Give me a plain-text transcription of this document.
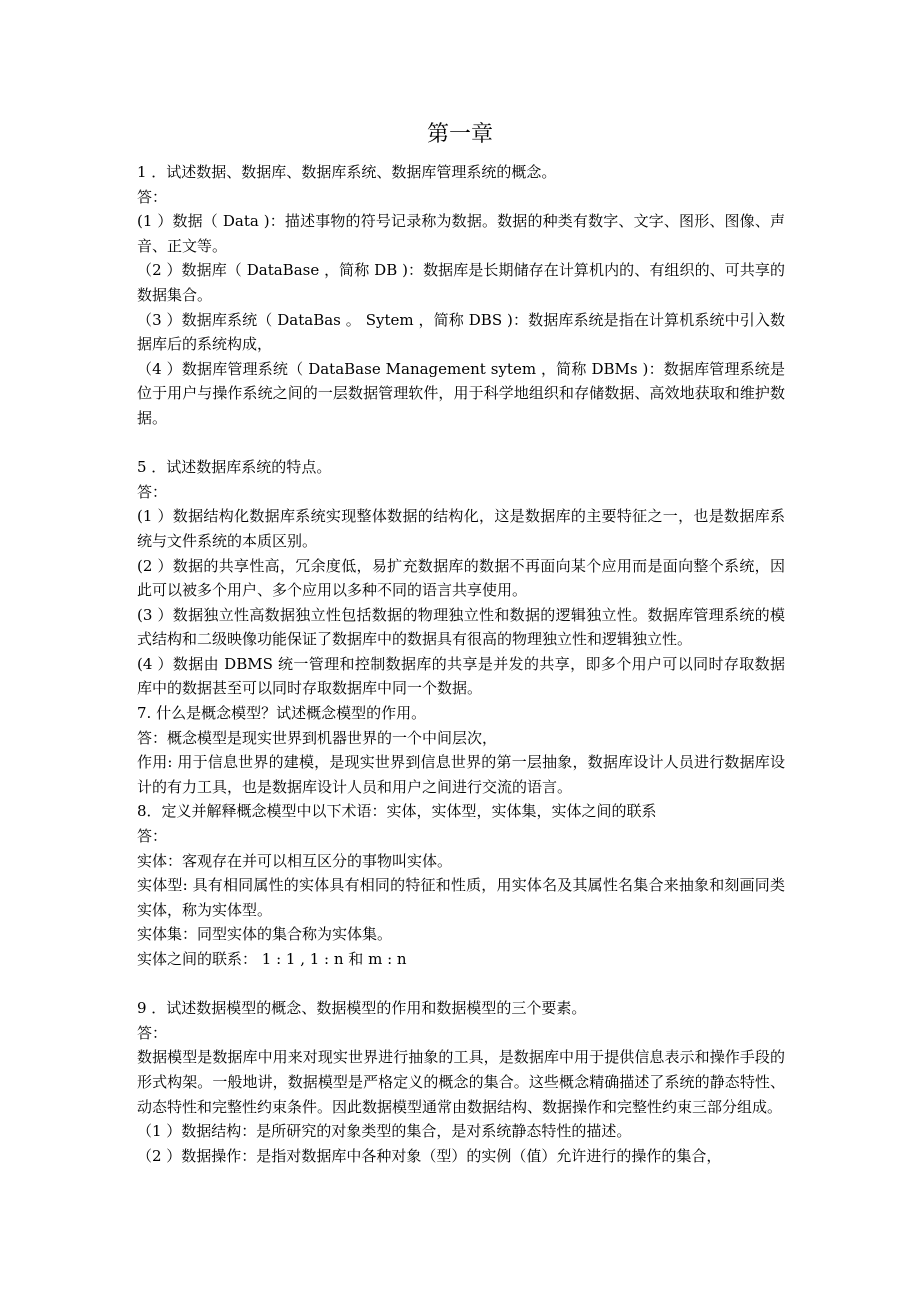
第一章

1 ．试述数据、数据库、数据库系统、数据库管理系统的概念。

答：

(1 ）数据（ Data )：描述事物的符号记录称为数据。数据的种类有数字、文字、图形、图像、声音、正文等。

（2 ）数据库（ DataBase ，简称 DB )：数据库是长期储存在计算机内的、有组织的、可共享的数据集合。

（3 ）数据库系统（ DataBas 。 Sytem ，简称 DBS )：数据库系统是指在计算机系统中引入数据库后的系统构成，

（4 ）数据库管理系统（ DataBase Management sytem ，简称 DBMs )：数据库管理系统是位于用户与操作系统之间的一层数据管理软件，用于科学地组织和存储数据、高效地获取和维护数据。

5 ．试述数据库系统的特点。

答：

(1 ）数据结构化数据库系统实现整体数据的结构化，这是数据库的主要特征之一，也是数据库系统与文件系统的本质区别。

(2 ）数据的共享性高，冗余度低，易扩充数据库的数据不再面向某个应用而是面向整个系统，因此可以被多个用户、多个应用以多种不同的语言共享使用。

(3 ）数据独立性高数据独立性包括数据的物理独立性和数据的逻辑独立性。数据库管理系统的模式结构和二级映像功能保证了数据库中的数据具有很高的物理独立性和逻辑独立性。

(4 ）数据由 DBMS 统一管理和控制数据库的共享是并发的共享，即多个用户可以同时存取数据库中的数据甚至可以同时存取数据库中同一个数据。

7. 什么是概念模型？试述概念模型的作用。

答：概念模型是现实世界到机器世界的一个中间层次，

作用: 用于信息世界的建模，是现实世界到信息世界的第一层抽象，数据库设计人员进行数据库设计的有力工具，也是数据库设计人员和用户之间进行交流的语言。

8．定义并解释概念模型中以下术语：实体，实体型，实体集，实体之间的联系

答：

实体：客观存在并可以相互区分的事物叫实体。

实体型: 具有相同属性的实体具有相同的特征和性质，用实体名及其属性名集合来抽象和刻画同类实体，称为实体型。

实体集：同型实体的集合称为实体集。

实体之间的联系： 1 : 1 , 1 : n 和 m : n

9 ．试述数据模型的概念、数据模型的作用和数据模型的三个要素。

答：

数据模型是数据库中用来对现实世界进行抽象的工具，是数据库中用于提供信息表示和操作手段的形式构架。一般地讲，数据模型是严格定义的概念的集合。这些概念精确描述了系统的静态特性、动态特性和完整性约束条件。因此数据模型通常由数据结构、数据操作和完整性约束三部分组成。

（1 ）数据结构：是所研究的对象类型的集合，是对系统静态特性的描述。

（2 ）数据操作：是指对数据库中各种对象（型）的实例（值）允许进行的操作的集合，
